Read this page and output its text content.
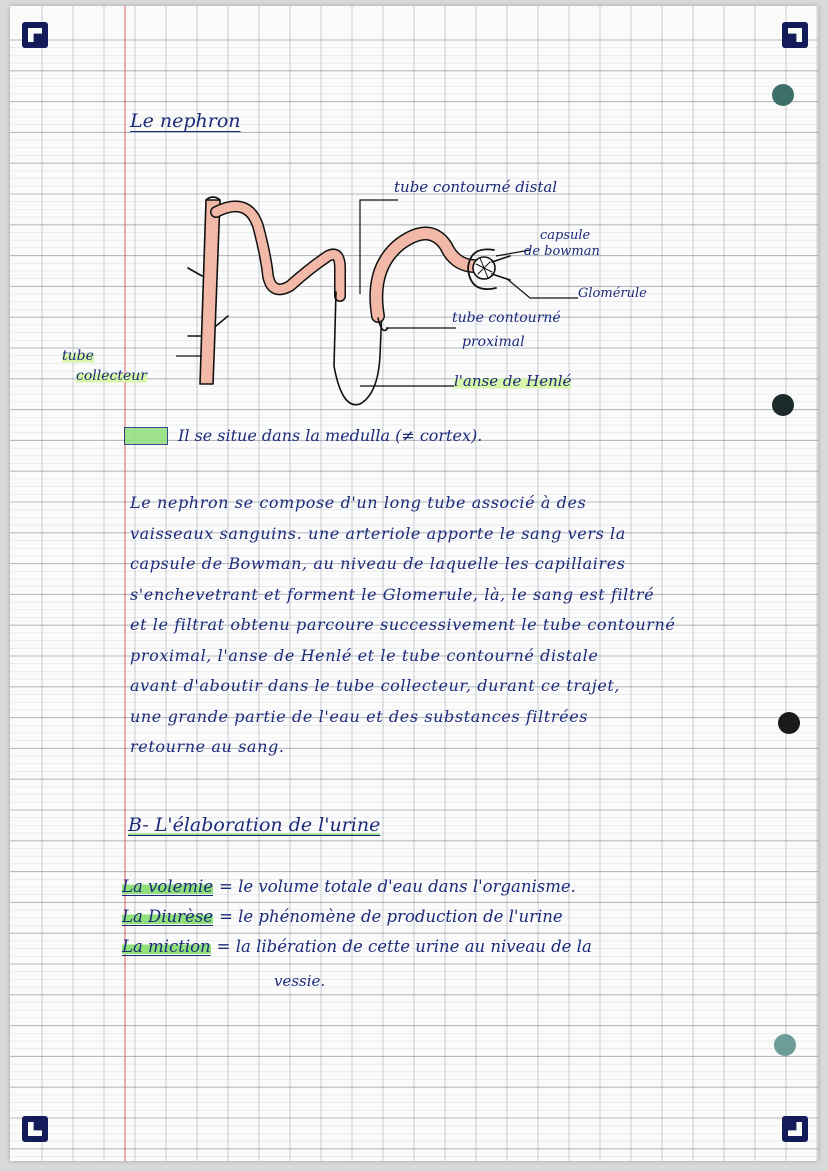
Le nephron
tube contourné distal
capsule
de bowman
Glomérule
tube contourné
proximal
l'anse de Henlé
tube
collecteur
Il se situe dans la medulla (≠ cortex).
Le nephron se compose d'un long tube associé à des
vaisseaux sanguins. une arteriole apporte le sang vers la
capsule de Bowman, au niveau de laquelle les capillaires
s'enchevetrant et forment le Glomerule, là, le sang est filtré
et le filtrat obtenu parcoure successivement le tube contourné
proximal, l'anse de Henlé et le tube contourné distale
avant d'aboutir dans le tube collecteur, durant ce trajet,
une grande partie de l'eau et des substances filtrées
retourne au sang.
B- L'élaboration de l'urine
La volemie = le volume totale d'eau dans l'organisme.
La Diurèse = le phénomène de production de l'urine
La miction = la libération de cette urine au niveau de la
vessie.
